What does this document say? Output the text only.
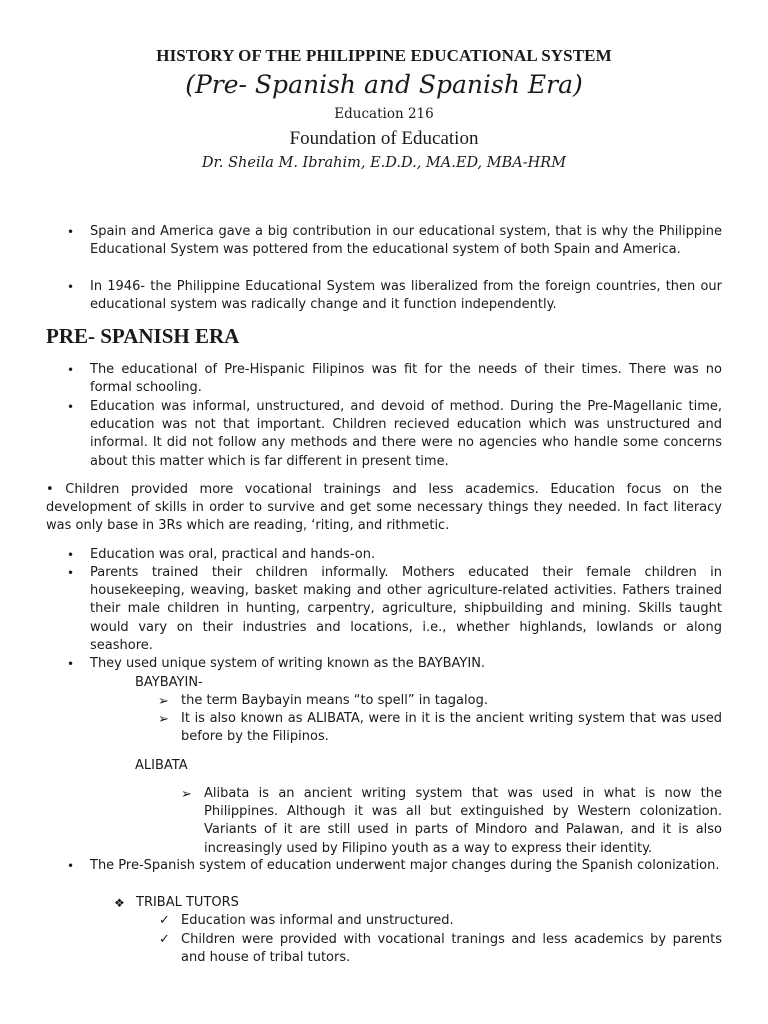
HISTORY OF THE PHILIPPINE EDUCATIONAL SYSTEM
(Pre- Spanish and Spanish Era)
Education 216
Foundation of Education
Dr. Sheila M. Ibrahim, E.D.D., MA.ED, MBA-HRM
• Spain and America gave a big contribution in our educational system, that is why the Philippine Educational System was pottered from the educational system of both Spain and America.
• In 1946- the Philippine Educational System was liberalized from the foreign countries, then our educational system was radically change and it function independently.
PRE- SPANISH ERA
• The educational of Pre-Hispanic Filipinos was fit for the needs of their times. There was no formal schooling.
• Education was informal, unstructured, and devoid of method. During the Pre-Magellanic time, education was not that important. Children recieved education which was unstructured and informal. It did not follow any methods and there were no agencies who handle some concerns about this matter which is far different in present time.
• Children provided more vocational trainings and less academics. Education focus on the development of skills in order to survive and get some necessary things they needed. In fact literacy was only base in 3Rs which are reading, ‘riting, and rithmetic.
• Education was oral, practical and hands-on.
• Parents trained their children informally. Mothers educated their female children in housekeeping, weaving, basket making and other agriculture-related activities. Fathers trained their male children in hunting, carpentry, agriculture, shipbuilding and mining. Skills taught would vary on their industries and locations, i.e., whether highlands, lowlands or along seashore.
• They used unique system of writing known as the BAYBAYIN.
BAYBAYIN-
➢ the term Baybayin means “to spell” in tagalog.
➢ It is also known as ALIBATA, were in it is the ancient writing system that was used before by the Filipinos.
ALIBATA
➢ Alibata is an ancient writing system that was used in what is now the Philippines. Although it was all but extinguished by Western colonization. Variants of it are still used in parts of Mindoro and Palawan, and it is also increasingly used by Filipino youth as a way to express their identity.
• The Pre-Spanish system of education underwent major changes during the Spanish colonization.
❖ TRIBAL TUTORS
✓ Education was informal and unstructured.
✓ Children were provided with vocational tranings and less academics by parents and house of tribal tutors.
